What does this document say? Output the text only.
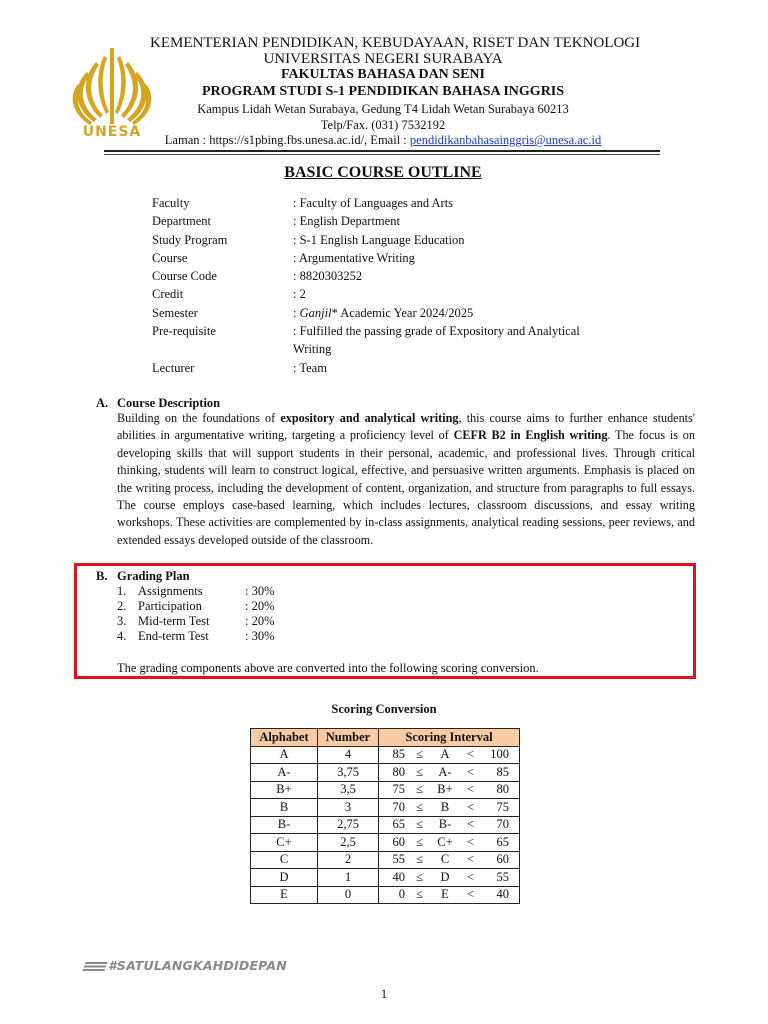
UNESA
KEMENTERIAN PENDIDIKAN, KEBUDAYAAN, RISET DAN TEKNOLOGI
UNIVERSITAS NEGERI SURABAYA
FAKULTAS BAHASA DAN SENI
PROGRAM STUDI S-1 PENDIDIKAN BAHASA INGGRIS
Kampus Lidah Wetan Surabaya, Gedung T4 Lidah Wetan Surabaya 60213
Telp/Fax. (031) 7532192
Laman : https://s1pbing.fbs.unesa.ac.id/, Email : pendidikanbahasainggris@unesa.ac.id
BASIC COURSE OUTLINE
Faculty	: Faculty of Languages and Arts
Department	: English Department
Study Program	: S-1 English Language Education
Course	: Argumentative Writing
Course Code	: 8820303252
Credit	: 2
Semester	: Ganjil* Academic Year 2024/2025
Pre-requisite	: Fulfilled the passing grade of Expository and Analytical
Writing
Lecturer	: Team
A. Course Description
Building on the foundations of expository and analytical writing, this course aims to further enhance students' abilities in argumentative writing, targeting a proficiency level of CEFR B2 in English writing. The focus is on developing skills that will support students in their personal, academic, and professional lives. Through critical thinking, students will learn to construct logical, effective, and persuasive written arguments. Emphasis is placed on the writing process, including the development of content, organization, and structure from paragraphs to full essays. The course employs case-based learning, which includes lectures, classroom discussions, and essay writing workshops. These activities are complemented by in-class assignments, analytical reading sessions, peer reviews, and extended essays developed outside of the classroom.
B. Grading Plan
1. Assignments	: 30%
2. Participation	: 20%
3. Mid-term Test	: 20%
4. End-term Test	: 30%
The grading components above are converted into the following scoring conversion.
Scoring Conversion
Alphabet	Number	Scoring Interval
A	4	85 ≤ A < 100

A-	3,75	80 ≤ A- < 85

B+	3,5	75 ≤ B+ < 80

B	3	70 ≤ B < 75

B-	2,75	65 ≤ B- < 70

C+	2,5	60 ≤ C+ < 65

C	2	55 ≤ C < 60

D	1	40 ≤ D < 55

E	0	0 ≤ E < 40
#SATULANGKAHDIDEPAN
1
